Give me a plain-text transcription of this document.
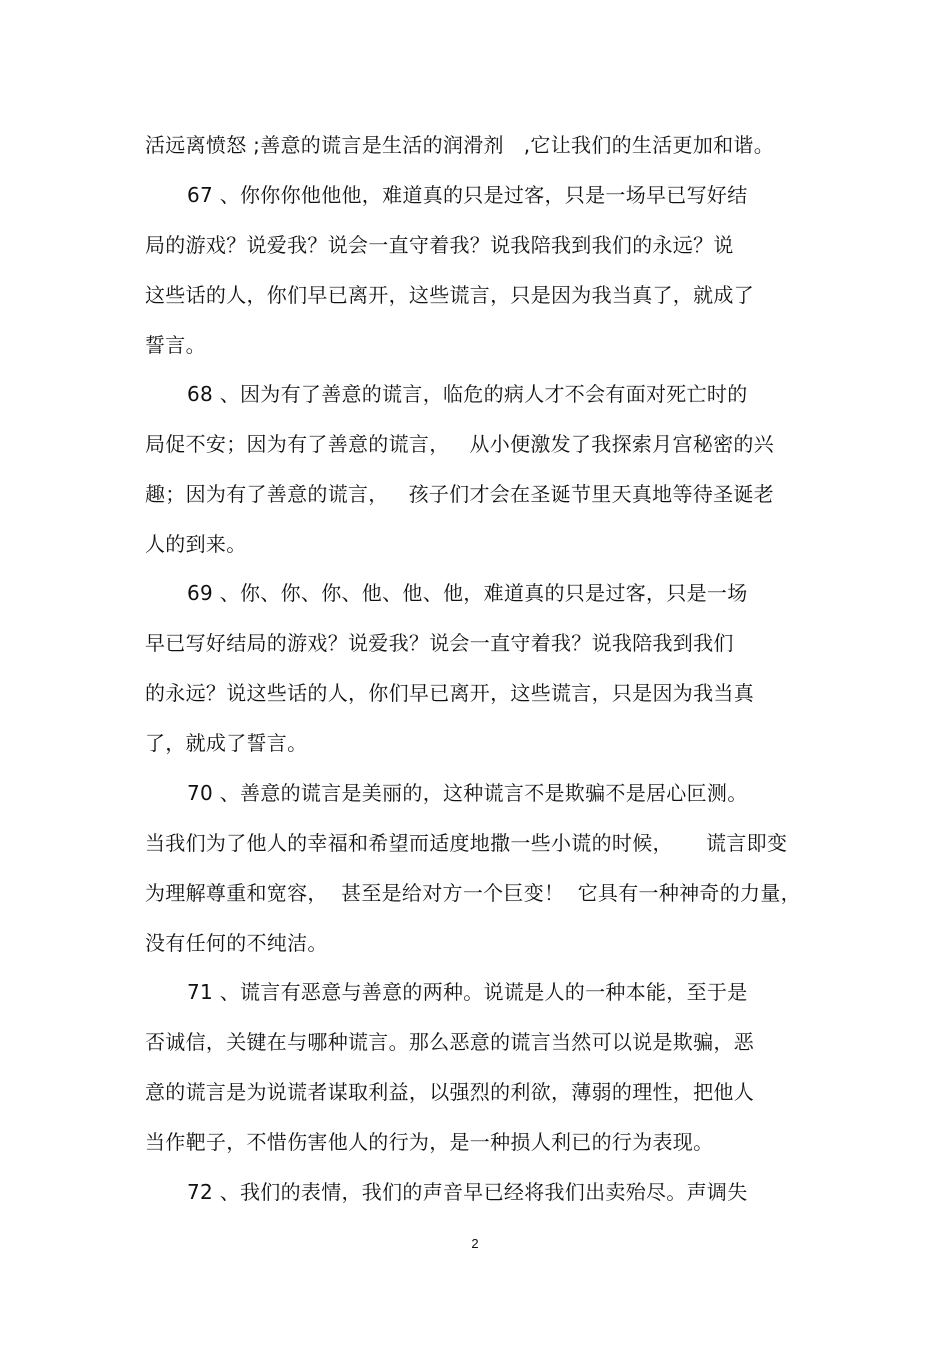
活远离愤怒 ;善意的谎言是生活的润滑剂   ,它让我们的生活更加和谐。
67 、你你你他他他，难道真的只是过客，只是一场早已写好结
局的游戏？说爱我？说会一直守着我？说我陪我到我们的永远？说
这些话的人，你们早已离开，这些谎言，只是因为我当真了，就成了
誓言。
68 、因为有了善意的谎言，临危的病人才不会有面对死亡时的
局促不安；因为有了善意的谎言，   从小便激发了我探索月宫秘密的兴
趣；因为有了善意的谎言，   孩子们才会在圣诞节里天真地等待圣诞老
人的到来。
69 、你、你、你、他、他、他，难道真的只是过客，只是一场
早已写好结局的游戏？说爱我？说会一直守着我？说我陪我到我们
的永远？说这些话的人，你们早已离开，这些谎言，只是因为我当真
了，就成了誓言。
70 、善意的谎言是美丽的，这种谎言不是欺骗不是居心叵测。
当我们为了他人的幸福和希望而适度地撒一些小谎的时候，     谎言即变
为理解尊重和宽容，  甚至是给对方一个巨变！  它具有一种神奇的力量，
没有任何的不纯洁。
71 、谎言有恶意与善意的两种。说谎是人的一种本能，至于是
否诚信，关键在与哪种谎言。那么恶意的谎言当然可以说是欺骗，恶
意的谎言是为说谎者谋取利益，以强烈的利欲，薄弱的理性，把他人
当作靶子，不惜伤害他人的行为，是一种损人利已的行为表现。
72 、我们的表情，我们的声音早已经将我们出卖殆尽。声调失
2
